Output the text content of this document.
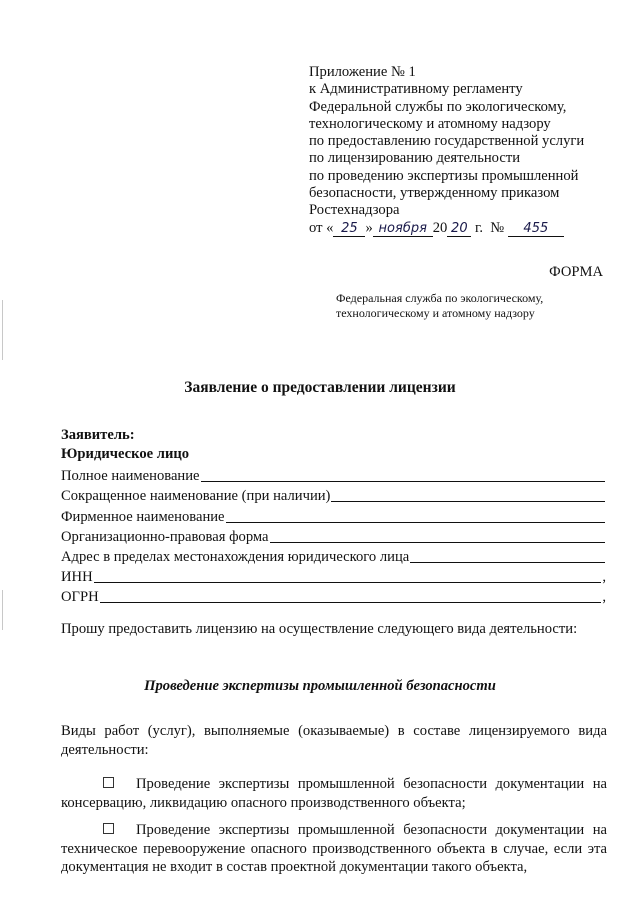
Приложение № 1
к Административному регламенту
Федеральной службы по экологическому,
технологическому и атомному надзору
по предоставлению государственной услуги
по лицензированию деятельности
по проведению экспертизы промышленной
безопасности, утвержденному приказом
Ростехнадзора
от « 25 » ноября 20 20 г.  № 455
ФОРМА
Федеральная служба по экологическому,
технологическому и атомному надзору
Заявление о предоставлении лицензии
Заявитель:
Юридическое лицо
Полное наименование
Сокращенное наименование (при наличии)
Фирменное наименование
Организационно-правовая форма
Адрес в пределах местонахождения юридического лица
ИНН	,
ОГРН	,
Прошу предоставить лицензию на осуществление следующего вида деятельности:
Проведение экспертизы промышленной безопасности
Виды работ (услуг), выполняемые (оказываемые) в составе лицензируемого вида деятельности:
Проведение экспертизы промышленной безопасности документации на консервацию, ликвидацию опасного производственного объекта;
Проведение экспертизы промышленной безопасности документации на техническое перевооружение опасного производственного объекта в случае, если эта документация не входит в состав проектной документации такого объекта,
